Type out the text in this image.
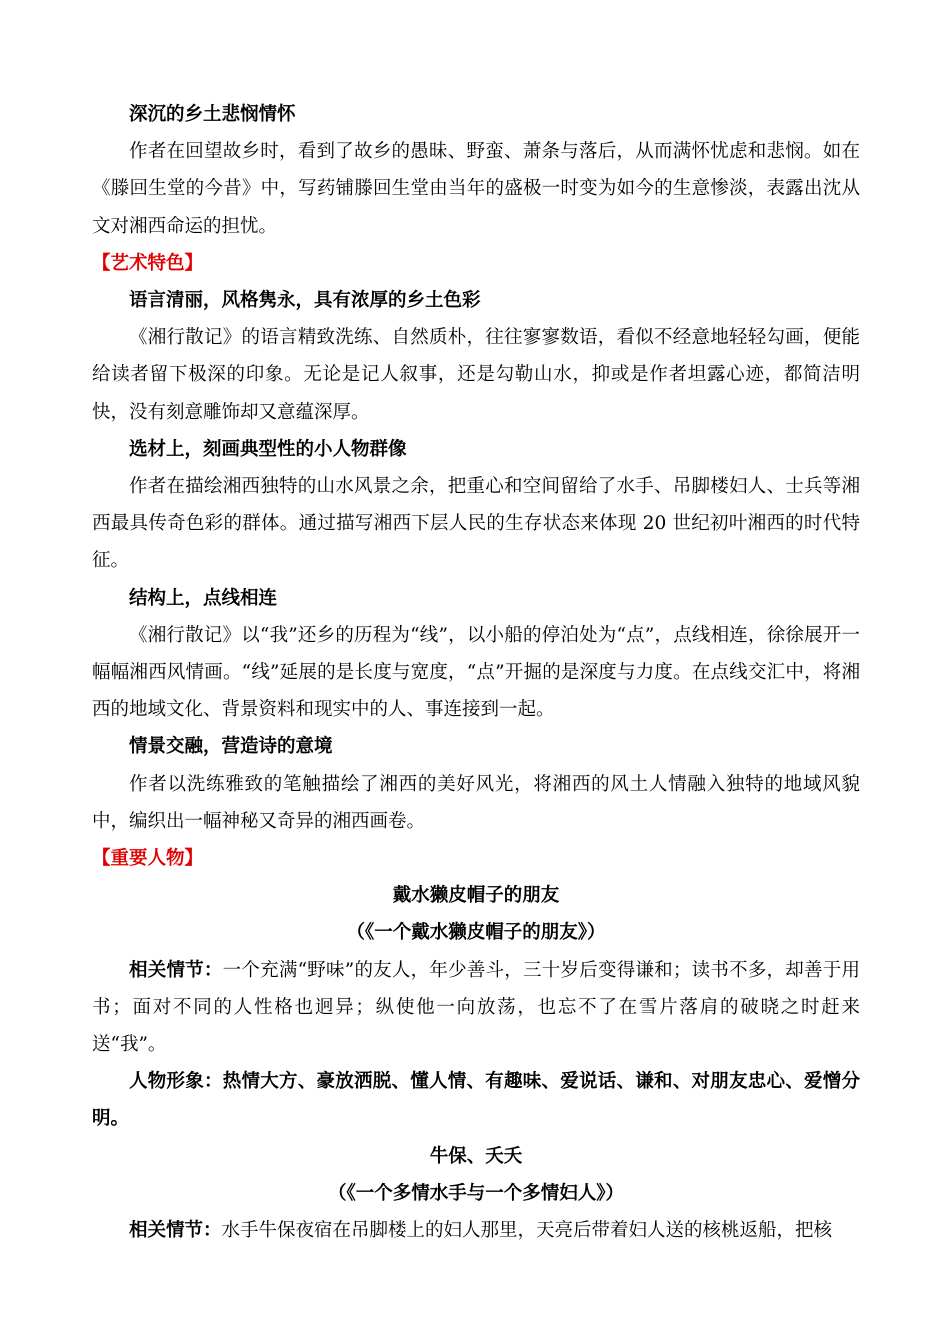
深沉的乡土悲悯情怀

作者在回望故乡时，看到了故乡的愚昧、野蛮、萧条与落后，从而满怀忧虑和悲悯。如在《滕回生堂的今昔》中，写药铺滕回生堂由当年的盛极一时变为如今的生意惨淡，表露出沈从文对湘西命运的担忧。

【艺术特色】

语言清丽，风格隽永，具有浓厚的乡土色彩

《湘行散记》的语言精致洗练、自然质朴，往往寥寥数语，看似不经意地轻轻勾画，便能给读者留下极深的印象。无论是记人叙事，还是勾勒山水，抑或是作者坦露心迹，都简洁明快，没有刻意雕饰却又意蕴深厚。

选材上，刻画典型性的小人物群像

作者在描绘湘西独特的山水风景之余，把重心和空间留给了水手、吊脚楼妇人、士兵等湘西最具传奇色彩的群体。通过描写湘西下层人民的生存状态来体现 20 世纪初叶湘西的时代特征。

结构上，点线相连

《湘行散记》以“我”还乡的历程为“线”，以小船的停泊处为“点”，点线相连，徐徐展开一幅幅湘西风情画。“线”延展的是长度与宽度，“点”开掘的是深度与力度。在点线交汇中，将湘西的地域文化、背景资料和现实中的人、事连接到一起。

情景交融，营造诗的意境

作者以洗练雅致的笔触描绘了湘西的美好风光，将湘西的风土人情融入独特的地域风貌中，编织出一幅神秘又奇异的湘西画卷。

【重要人物】

戴水獭皮帽子的朋友

（《一个戴水獭皮帽子的朋友》）

相关情节：一个充满“野味”的友人，年少善斗，三十岁后变得谦和；读书不多，却善于用书；面对不同的人性格也迥异；纵使他一向放荡，也忘不了在雪片落肩的破晓之时赶来送“我”。

人物形象：热情大方、豪放洒脱、懂人情、有趣味、爱说话、谦和、对朋友忠心、爱憎分明。

牛保、夭夭

（《一个多情水手与一个多情妇人》）

相关情节：水手牛保夜宿在吊脚楼上的妇人那里，天亮后带着妇人送的核桃返船，把核
